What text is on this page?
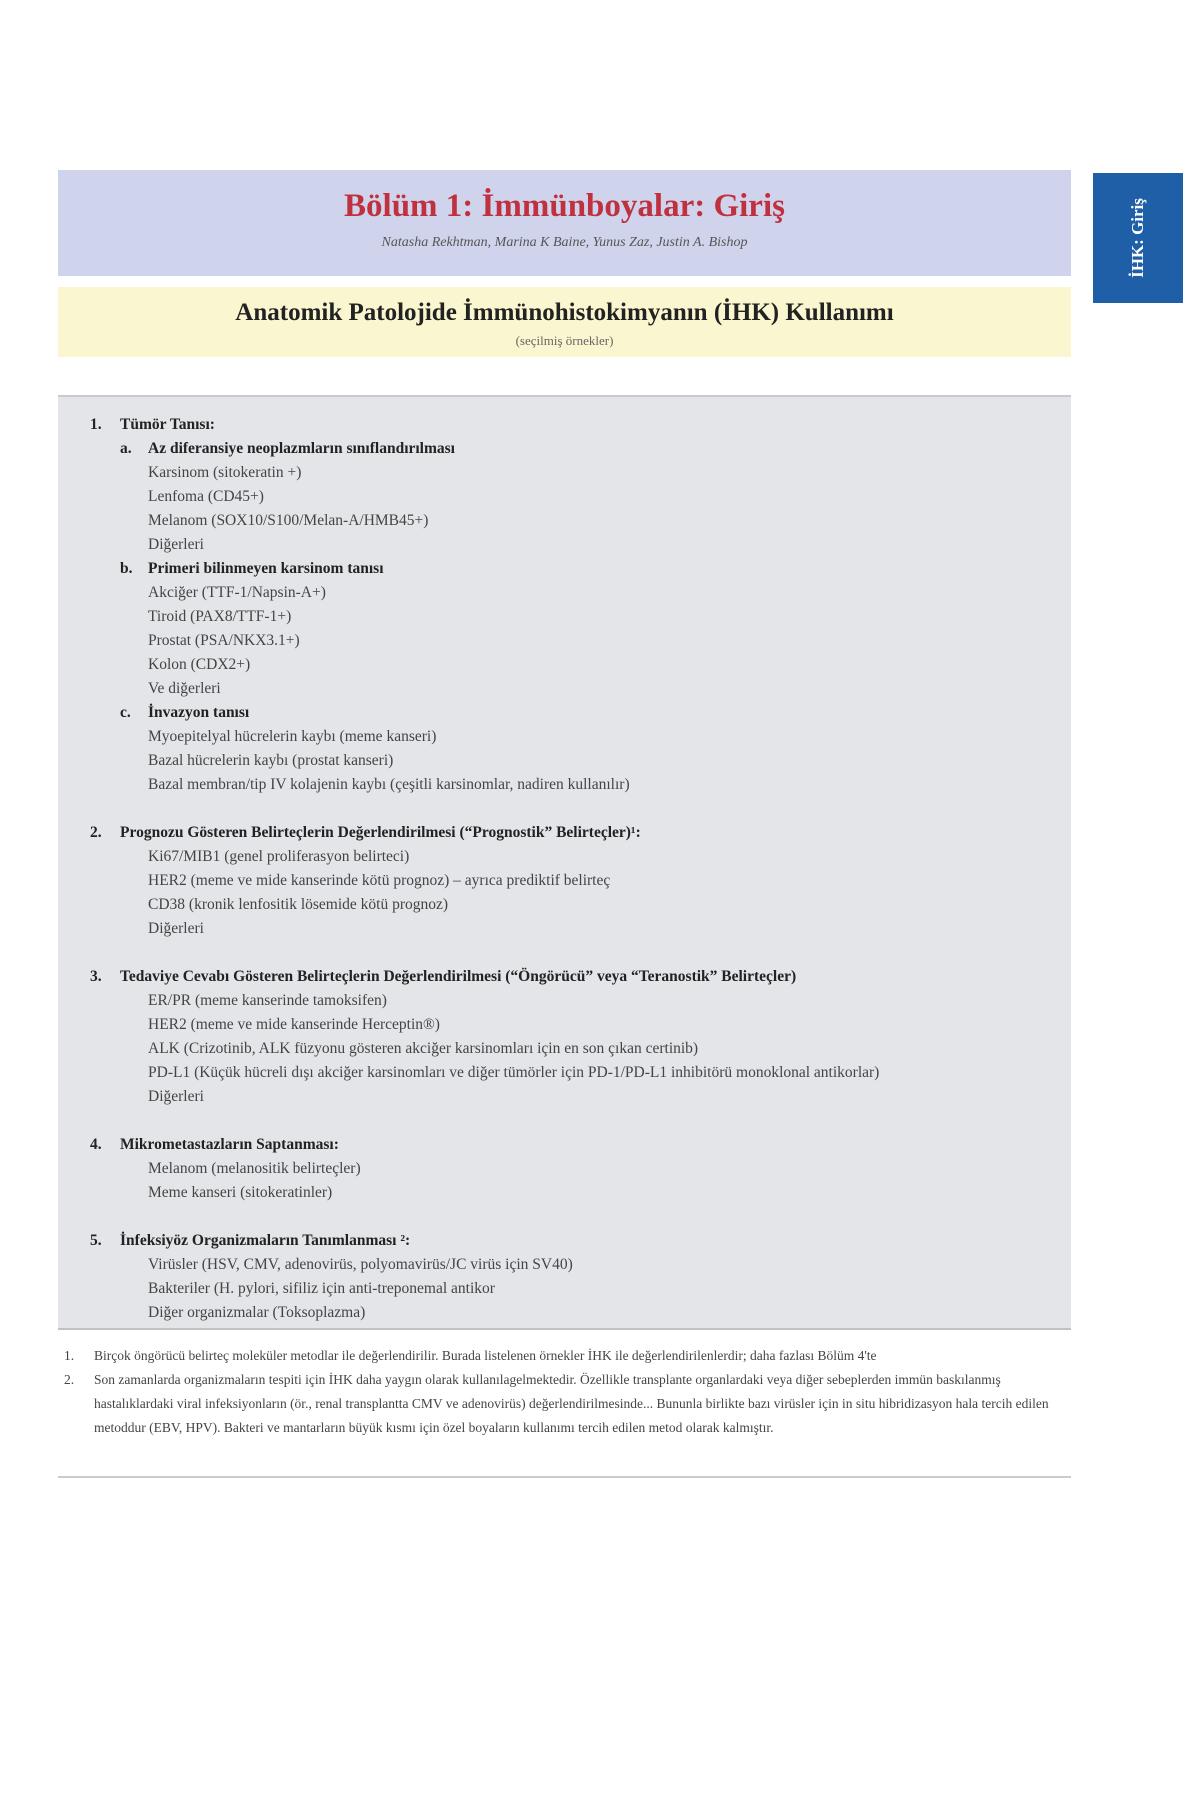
İHK: Giriş
Bölüm 1: İmmünboyalar: Giriş
Natasha Rekhtman, Marina K Baine, Yunus Zaz, Justin A. Bishop
Anatomik Patolojide İmmünohistokimyanın (İHK) Kullanımı
(seçilmiş örnekler)
1.	Tümör Tanısı:
a.	Az diferansiye neoplazmların sınıflandırılması
Karsinom (sitokeratin +)
Lenfoma (CD45+)
Melanom (SOX10/S100/Melan-A/HMB45+)
Diğerleri
b.	Primeri bilinmeyen karsinom tanısı
Akciğer (TTF-1/Napsin-A+)
Tiroid (PAX8/TTF-1+)
Prostat (PSA/NKX3.1+)
Kolon (CDX2+)
Ve diğerleri
c.	İnvazyon tanısı
Myoepitelyal hücrelerin kaybı (meme kanseri)
Bazal hücrelerin kaybı (prostat kanseri)
Bazal membran/tip IV kolajenin kaybı (çeşitli karsinomlar, nadiren kullanılır)
2.	Prognozu Gösteren Belirteçlerin Değerlendirilmesi (“Prognostik” Belirteçler)¹:
Ki67/MIB1 (genel proliferasyon belirteci)
HER2 (meme ve mide kanserinde kötü prognoz) – ayrıca prediktif belirteç
CD38 (kronik lenfositik lösemide kötü prognoz)
Diğerleri
3.	Tedaviye Cevabı Gösteren Belirteçlerin Değerlendirilmesi (“Öngörücü” veya “Teranostik” Belirteçler)
ER/PR (meme kanserinde tamoksifen)
HER2 (meme ve mide kanserinde Herceptin®)
ALK (Crizotinib, ALK füzyonu gösteren akciğer karsinomları için en son çıkan certinib)
PD-L1 (Küçük hücreli dışı akciğer karsinomları ve diğer tümörler için PD-1/PD-L1 inhibitörü monoklonal antikorlar)
Diğerleri
4.	Mikrometastazların Saptanması:
Melanom (melanositik belirteçler)
Meme kanseri (sitokeratinler)
5.	İnfeksiyöz Organizmaların Tanımlanması ²:
Virüsler (HSV, CMV, adenovirüs, polyomavirüs/JC virüs için SV40)
Bakteriler (H. pylori, sifiliz için anti-treponemal antikor
Diğer organizmalar (Toksoplazma)
1.	Birçok öngörücü belirteç moleküler metodlar ile değerlendirilir. Burada listelenen örnekler İHK ile değerlendirilenlerdir; daha fazlası Bölüm 4'te
2.	Son zamanlarda organizmaların tespiti için İHK daha yaygın olarak kullanılagelmektedir. Özellikle transplante organlardaki veya diğer sebeplerden immün baskılanmış hastalıklardaki viral infeksiyonların (ör., renal transplantta CMV ve adenovirüs) değerlendirilmesinde... Bununla birlikte bazı virüsler için in situ hibridizasyon hala tercih edilen metoddur (EBV, HPV). Bakteri ve mantarların büyük kısmı için özel boyaların kullanımı tercih edilen metod olarak kalmıştır.
